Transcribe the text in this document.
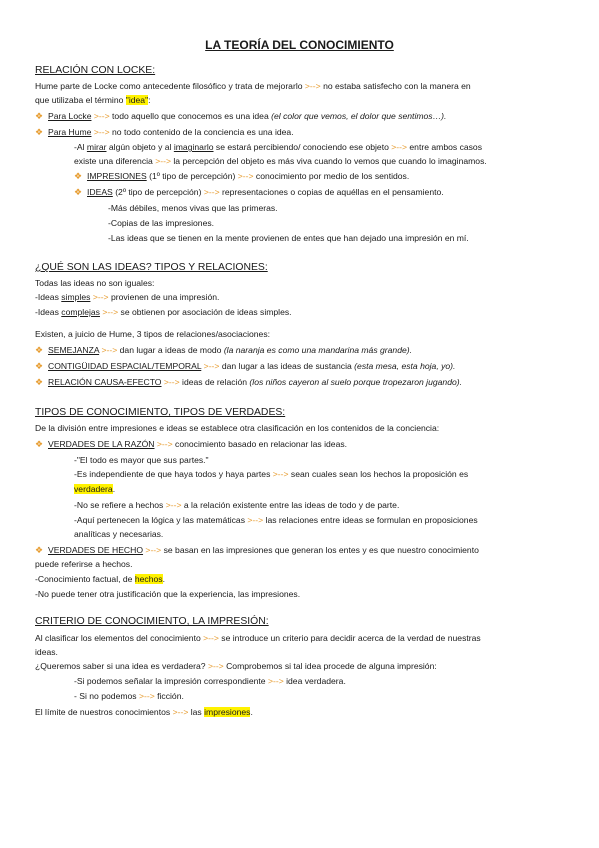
LA TEORÍA DEL CONOCIMIENTO
RELACIÓN CON LOCKE:
Hume parte de Locke como antecedente filosófico y trata de mejorarlo >--> no estaba satisfecho con la manera en
que utilizaba el término "idea":
❖ Para Locke >--> todo aquello que conocemos es una idea (el color que vemos, el dolor que sentimos…).
❖ Para Hume >--> no todo contenido de la conciencia es una idea.
-Al mirar algún objeto y al imaginarlo se estará percibiendo/ conociendo ese objeto >--> entre ambos casos
existe una diferencia >--> la percepción del objeto es más viva cuando lo vemos que cuando lo imaginamos.
❖ IMPRESIONES (1º tipo de percepción) >--> conocimiento por medio de los sentidos.
❖ IDEAS (2º tipo de percepción) >--> representaciones o copias de aquéllas en el pensamiento.
-Más débiles, menos vivas que las primeras.
-Copias de las impresiones.
-Las ideas que se tienen en la mente provienen de entes que han dejado una impresión en mí.
¿QUÉ SON LAS IDEAS? TIPOS Y RELACIONES:
Todas las ideas no son iguales:
-Ideas simples >--> provienen de una impresión.
-Ideas complejas >--> se obtienen por asociación de ideas simples.
Existen, a juicio de Hume, 3 tipos de relaciones/asociaciones:
❖ SEMEJANZA >--> dan lugar a ideas de modo (la naranja es como una mandarina más grande).
❖ CONTIGÜIDAD ESPACIAL/TEMPORAL >--> dan lugar a las ideas de sustancia (esta mesa, esta hoja, yo).
❖ RELACIÓN CAUSA-EFECTO >--> ideas de relación (los niños cayeron al suelo porque tropezaron jugando).
TIPOS DE CONOCIMIENTO, TIPOS DE VERDADES:
De la división entre impresiones e ideas se establece otra clasificación en los contenidos de la conciencia:
❖ VERDADES DE LA RAZÓN >--> conocimiento basado en relacionar las ideas.
-"El todo es mayor que sus partes."
-Es independiente de que haya todos y haya partes >--> sean cuales sean los hechos la proposición es
verdadera.
-No se refiere a hechos >--> a la relación existente entre las ideas de todo y de parte.
-Aquí pertenecen la lógica y las matemáticas >--> las relaciones entre ideas se formulan en proposiciones
analíticas y necesarias.
❖ VERDADES DE HECHO >--> se basan en las impresiones que generan los entes y es que nuestro conocimiento
puede referirse a hechos.
-Conocimiento factual, de hechos.
-No puede tener otra justificación que la experiencia, las impresiones.
CRITERIO DE CONOCIMIENTO, LA IMPRESIÓN:
Al clasificar los elementos del conocimiento >--> se introduce un criterio para decidir acerca de la verdad de nuestras
ideas.
¿Queremos saber si una idea es verdadera? >--> Comprobemos si tal idea procede de alguna impresión:
-Si podemos señalar la impresión correspondiente >--> idea verdadera.
- Si no podemos >--> ficción.
El límite de nuestros conocimientos >--> las impresiones.
